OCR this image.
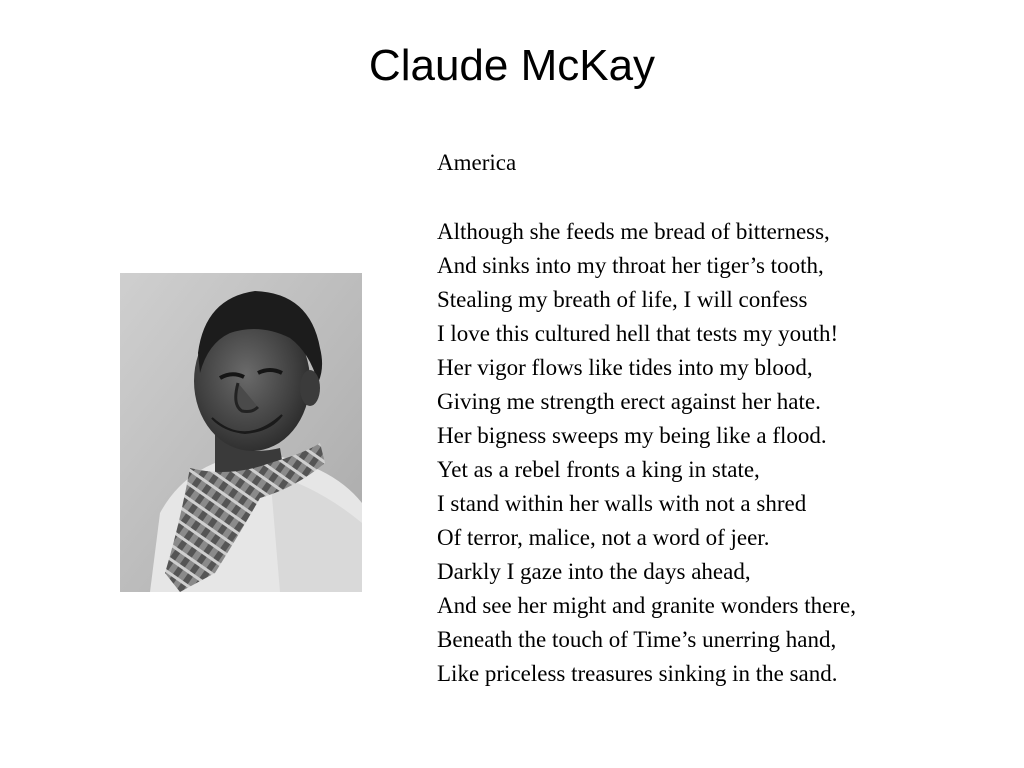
Claude McKay
America
Although she feeds me bread of bitterness,
And sinks into my throat her tiger’s tooth,
Stealing my breath of life, I will confess
I love this cultured hell that tests my youth!
Her vigor flows like tides into my blood,
Giving me strength erect against her hate.
Her bigness sweeps my being like a flood.
Yet as a rebel fronts a king in state,
I stand within her walls with not a shred
Of terror, malice, not a word of jeer.
Darkly I gaze into the days ahead,
And see her might and granite wonders there,
Beneath the touch of Time’s unerring hand,
Like priceless treasures sinking in the sand.
